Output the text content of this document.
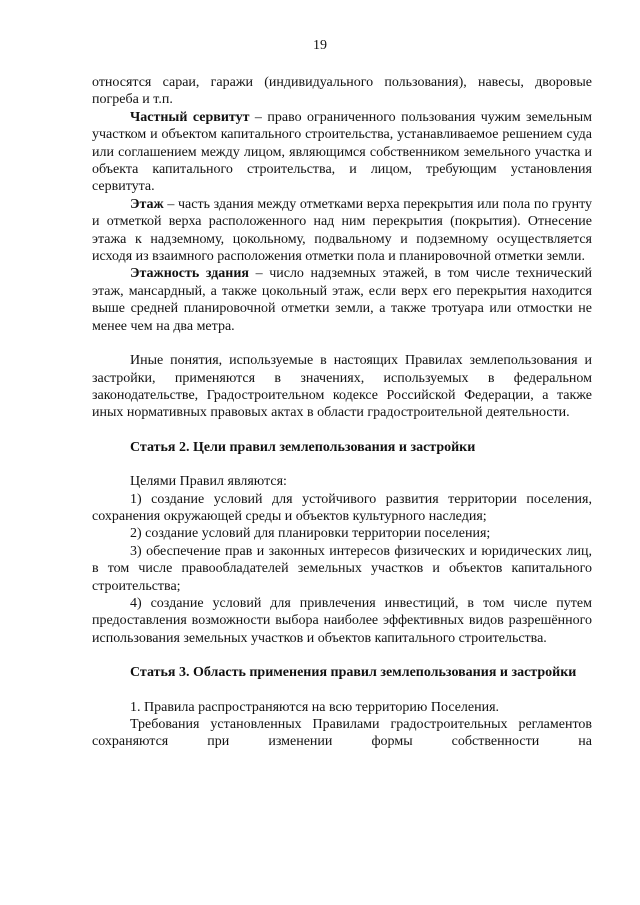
19

относятся сараи, гаражи (индивидуального пользования), навесы, дворовые погреба и т.п.

Частный сервитут – право ограниченного пользования чужим земельным участком и объектом капитального строительства, устанавливаемое решением суда или соглашением между лицом, являющимся собственником земельного участка и объекта капитального строительства, и лицом, требующим установления сервитута.

Этаж – часть здания между отметками верха перекрытия или пола по грунту и отметкой верха расположенного над ним перекрытия (покрытия). Отнесение этажа к надземному, цокольному, подвальному и подземному осуществляется исходя из взаимного расположения отметки пола и планировочной отметки земли.

Этажность здания – число надземных этажей, в том числе технический этаж, мансардный, а также цокольный этаж, если верх его перекрытия находится выше средней планировочной отметки земли, а также тротуара или отмостки не менее чем на два метра.

Иные понятия, используемые в настоящих Правилах землепользования и застройки, применяются в значениях, используемых в федеральном законодательстве, Градостроительном кодексе Российской Федерации, а также иных нормативных правовых актах в области градостроительной деятельности.

Статья 2. Цели правил землепользования и застройки

Целями Правил являются:

1) создание условий для устойчивого развития территории поселения, сохранения окружающей среды и объектов культурного наследия;

2) создание условий для планировки территории поселения;

3) обеспечение прав и законных интересов физических и юридических лиц, в том числе правообладателей земельных участков и объектов капитального строительства;

4) создание условий для привлечения инвестиций, в том числе путем предоставления возможности выбора наиболее эффективных видов разрешённого использования земельных участков и объектов капитального строительства.

Статья 3. Область применения правил землепользования и застройки

1. Правила распространяются на всю территорию Поселения.

Требования установленных Правилами градостроительных регламентов сохраняются при изменении формы собственности на
